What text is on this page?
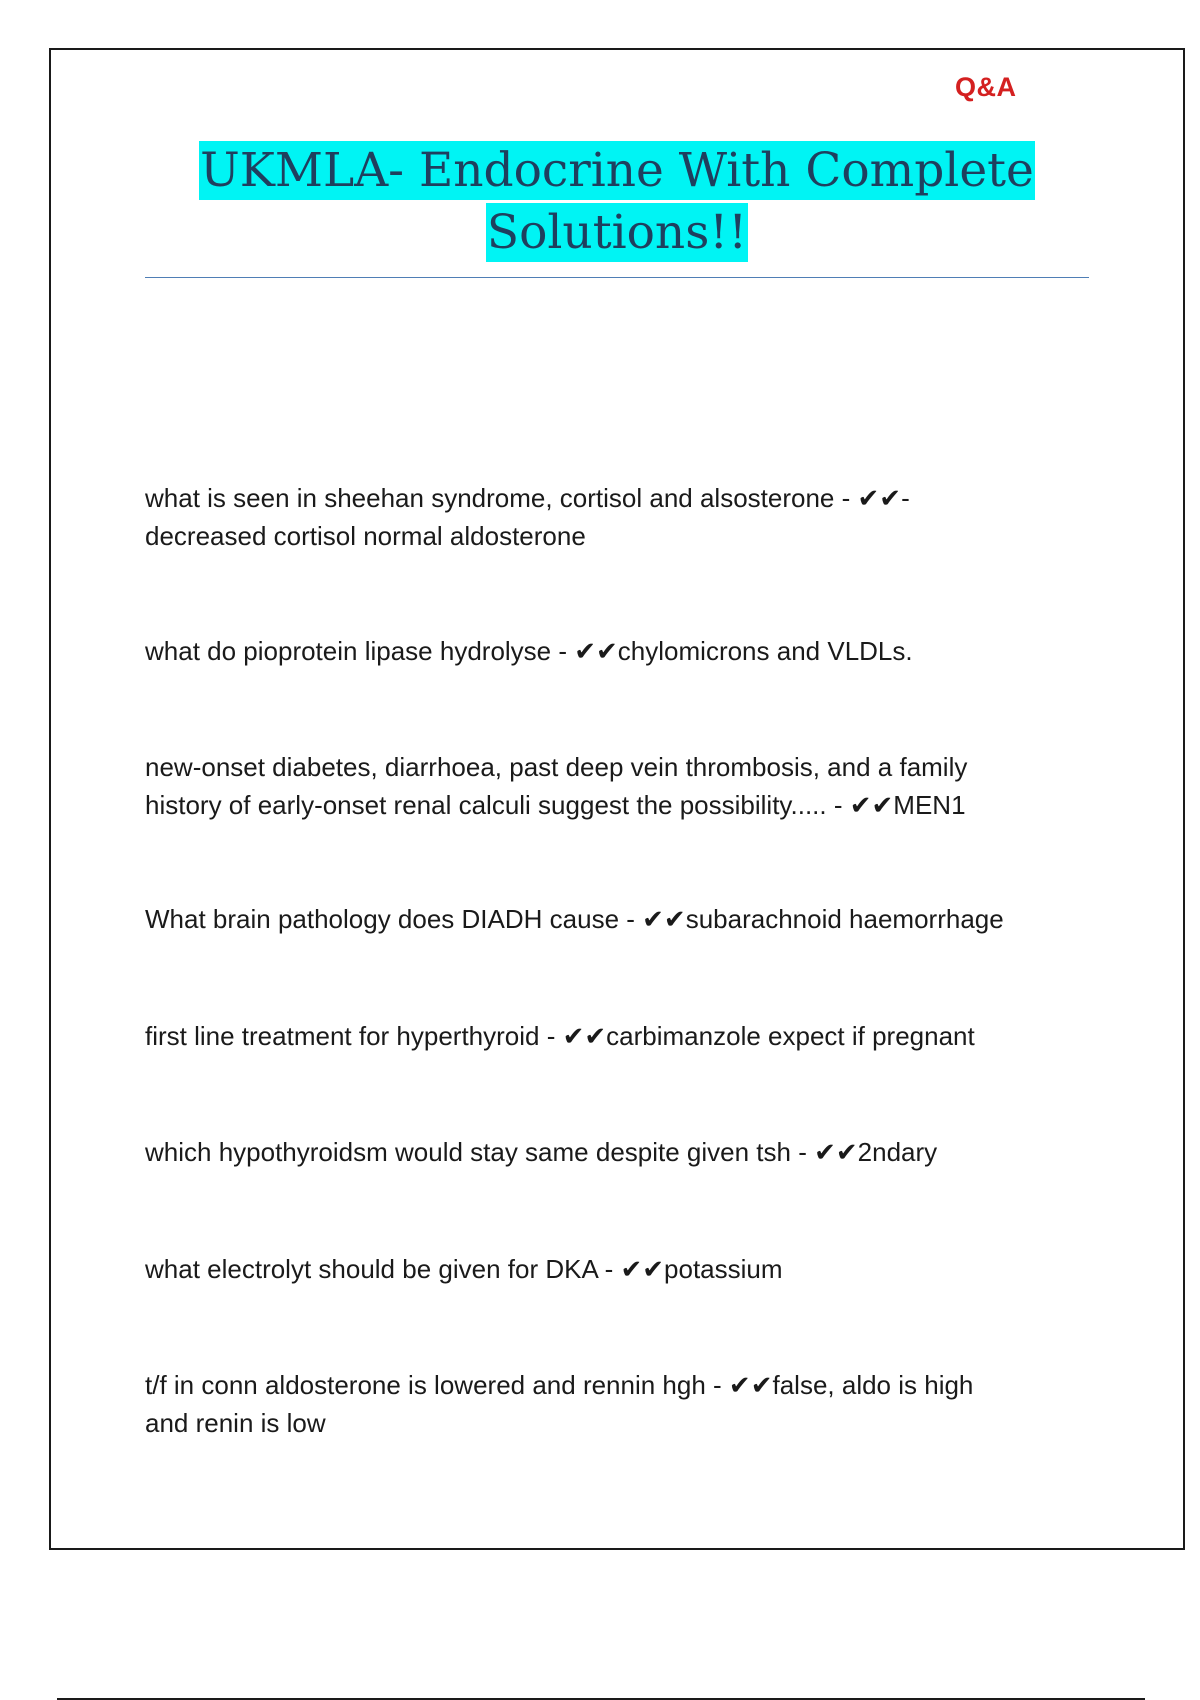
Q&A
UKMLA- Endocrine With Complete
Solutions!!
what is seen in sheehan syndrome, cortisol and alsosterone - ✔✔-
decreased cortisol normal aldosterone
what do pioprotein lipase hydrolyse - ✔✔chylomicrons and VLDLs.
new-onset diabetes, diarrhoea, past deep vein thrombosis, and a family
history of early-onset renal calculi suggest the possibility..... - ✔✔MEN1
What brain pathology does DIADH cause - ✔✔subarachnoid haemorrhage
first line treatment for hyperthyroid - ✔✔carbimanzole expect if pregnant
which hypothyroidsm would stay same despite given tsh - ✔✔2ndary
what electrolyt should be given for DKA - ✔✔potassium
t/f in conn aldosterone is lowered and rennin hgh - ✔✔false, aldo is high
and renin is low
